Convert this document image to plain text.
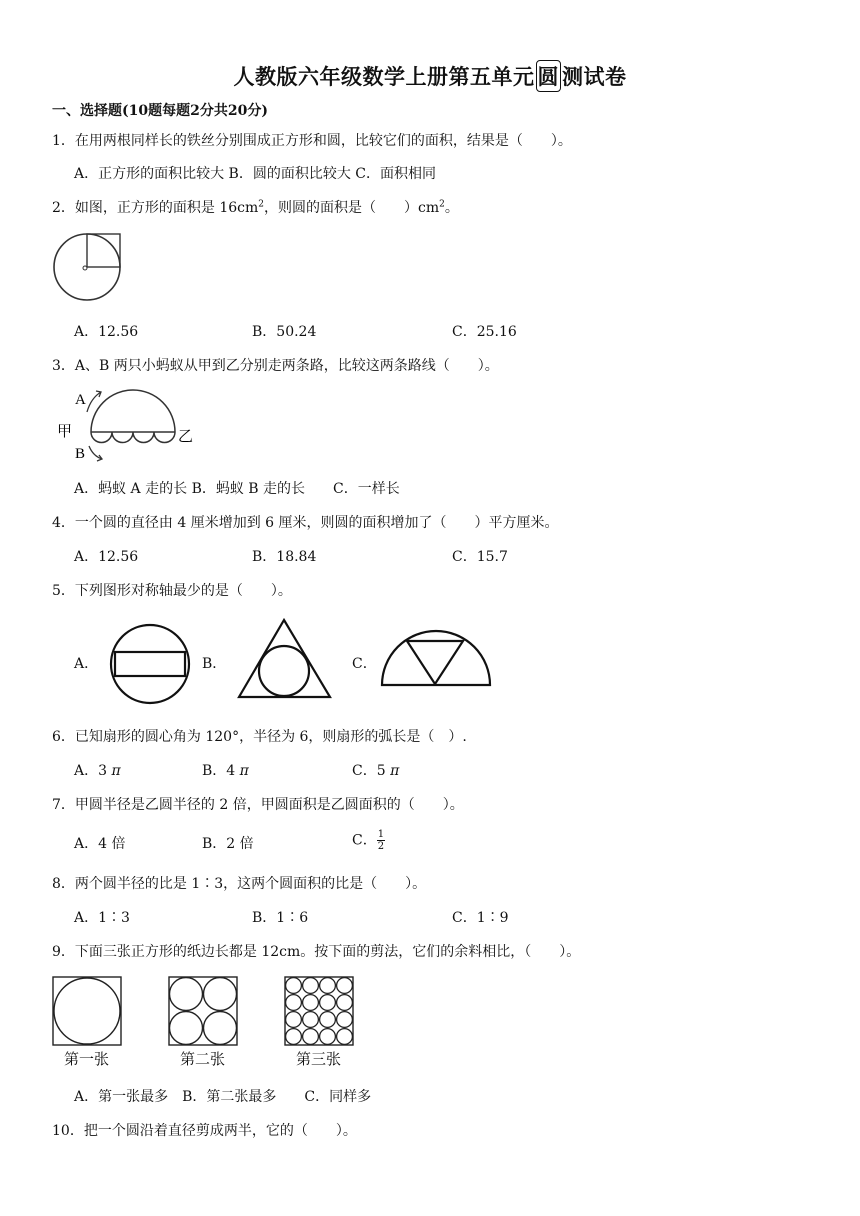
人教版六年级数学上册第五单元 圆 测试卷
一、选择题(10题每题2分共20分)
1．在用两根同样长的铁丝分别围成正方形和圆，比较它们的面积，结果是（　　）。
A．正方形的面积比较大 B．圆的面积比较大 C．面积相同
2．如图，正方形的面积是 $16cm^2$，则圆的面积是（　　）$cm^2$。
A．12.56	B．50.24	C．25.16
3．A、B 两只小蚂蚁从甲到乙分别走两条路，比较这两条路线（　　）。
A
B
甲	乙
A．蚂蚁 A 走的长 B．蚂蚁 B 走的长　　C．一样长
4．一个圆的直径由 4 厘米增加到 6 厘米，则圆的面积增加了（　　）平方厘米。
A．12.56	B．18.84	C．15.7
5．下列图形对称轴最少的是（　　）。
A．	B．	C．
6．已知扇形的圆心角为 120°，半径为 6，则扇形的弧长是（　）.
A．3 π	B．4 π	C．5 π
7．甲圆半径是乙圆半径的 2 倍，甲圆面积是乙圆面积的（　　）。
A．4 倍	B．2 倍	C． $\frac{1}{2}$
8．两个圆半径的比是 1∶3，这两个圆面积的比是（　　）。
A．1∶3	B．1∶6	C．1∶9
9．下面三张正方形的纸边长都是 12cm。按下面的剪法，它们的余料相比，（　　）。
第一张	第二张	第三张
A．第一张最多　B．第二张最多　　C．同样多
10．把一个圆沿着直径剪成两半，它的（　　）。
